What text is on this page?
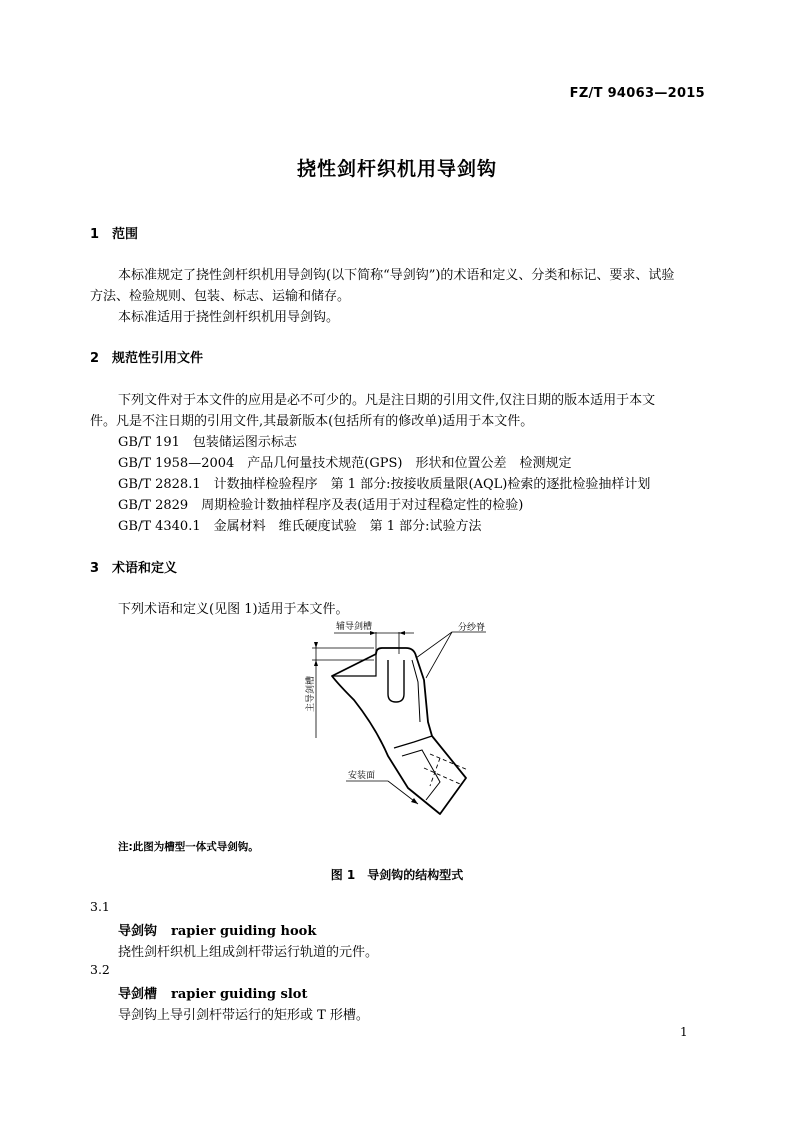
FZ/T 94063—2015
挠性剑杆织机用导剑钩
1 范围
本标准规定了挠性剑杆织机用导剑钩(以下简称“导剑钩”)的术语和定义、分类和标记、要求、试验
方法、检验规则、包装、标志、运输和储存。
本标准适用于挠性剑杆织机用导剑钩。
2 规范性引用文件
下列文件对于本文件的应用是必不可少的。凡是注日期的引用文件,仅注日期的版本适用于本文
件。凡是不注日期的引用文件,其最新版本(包括所有的修改单)适用于本文件。
GB/T 191　包装储运图示标志
GB/T 1958—2004　产品几何量技术规范(GPS)　形状和位置公差　检测规定
GB/T 2828.1　计数抽样检验程序　第 1 部分:按接收质量限(AQL)检索的逐批检验抽样计划
GB/T 2829　周期检验计数抽样程序及表(适用于对过程稳定性的检验)
GB/T 4340.1　金属材料　维氏硬度试验　第 1 部分:试验方法
3 术语和定义
下列术语和定义(见图 1)适用于本文件。
辅导剑槽	分纱脊
主导剑槽
安装面
注:此图为槽型一体式导剑钩。
图 1　导剑钩的结构型式
3.1
导剑钩 rapier guiding hook
挠性剑杆织机上组成剑杆带运行轨道的元件。
3.2
导剑槽 rapier guiding slot
导剑钩上导引剑杆带运行的矩形或 T 形槽。
1
